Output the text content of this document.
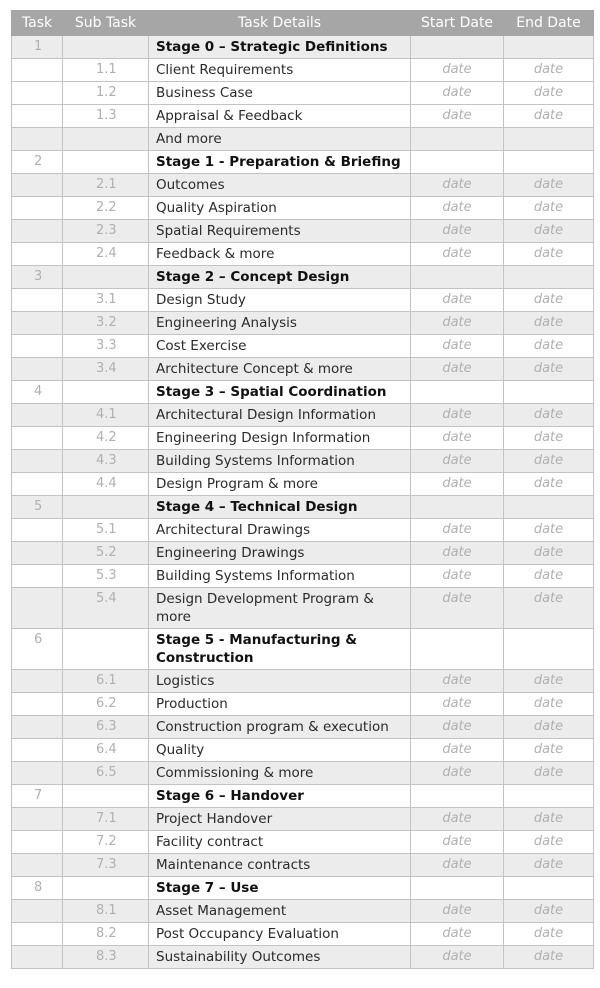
Task	Sub Task	Task Details	Start Date	End Date
1		Stage 0 – Strategic Definitions		
	1.1	Client Requirements	date	date
	1.2	Business Case	date	date
	1.3	Appraisal & Feedback	date	date
		And more		
2		Stage 1 - Preparation & Briefing		
	2.1	Outcomes	date	date
	2.2	Quality Aspiration	date	date
	2.3	Spatial Requirements	date	date
	2.4	Feedback & more	date	date
3		Stage 2 – Concept Design		
	3.1	Design Study	date	date
	3.2	Engineering Analysis	date	date
	3.3	Cost Exercise	date	date
	3.4	Architecture Concept & more	date	date
4		Stage 3 – Spatial Coordination		
	4.1	Architectural Design Information	date	date
	4.2	Engineering Design Information	date	date
	4.3	Building Systems Information	date	date
	4.4	Design Program & more	date	date
5		Stage 4 – Technical Design		
	5.1	Architectural Drawings	date	date
	5.2	Engineering Drawings	date	date
	5.3	Building Systems Information	date	date
	5.4	Design Development Program & more	date	date
6		Stage 5 - Manufacturing & Construction		
	6.1	Logistics	date	date
	6.2	Production	date	date
	6.3	Construction program & execution	date	date
	6.4	Quality	date	date
	6.5	Commissioning & more	date	date
7		Stage 6 – Handover		
	7.1	Project Handover	date	date
	7.2	Facility contract	date	date
	7.3	Maintenance contracts	date	date
8		Stage 7 – Use		
	8.1	Asset Management	date	date
	8.2	Post Occupancy Evaluation	date	date
	8.3	Sustainability Outcomes	date	date
